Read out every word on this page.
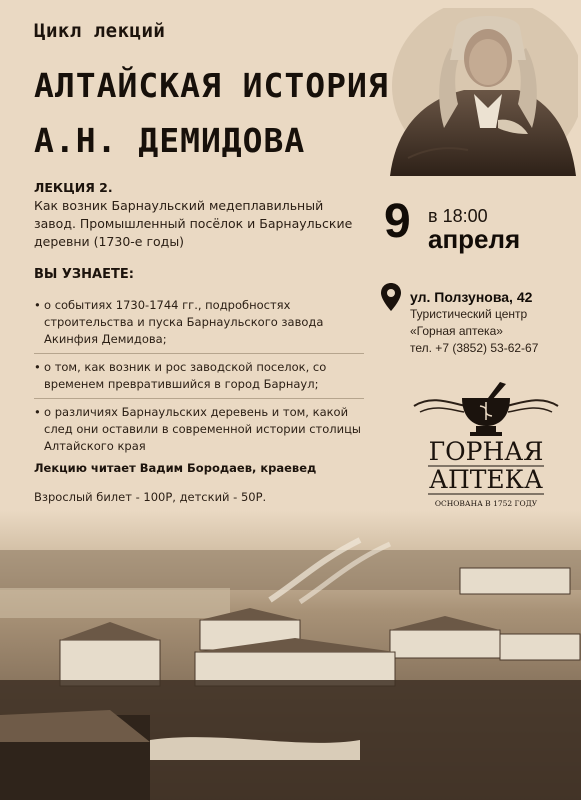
Цикл лекций
АЛТАЙСКАЯ ИСТОРИЯ
А.Н. ДЕМИДОВА
ЛЕКЦИЯ 2.
Как возник Барнаульский медеплавильный завод. Промышленный посёлок и Барнаульские деревни (1730-е годы)	9 в 18:00
апреля
ВЫ УЗНАЕТЕ:
• о событиях 1730-1744 гг., подробностях строительства и пуска Барнаульского завода Акинфия Демидова;
• о том, как возник и рос заводской поселок, со временем превратившийся в город Барнаул;
• о различиях Барнаульских деревень и том, какой след они оставили в современной истории столицы Алтайского края
ул. Ползунова, 42
Туристический центр
«Горная аптека»
тел. +7 (3852) 53-62-67
ГОРНАЯ
АПТЕКА
ОСНОВАНА В 1752 ГОДУ
Лекцию читает Вадим Бородаев, краевед
Взрослый билет - 100Р, детский - 50Р.
